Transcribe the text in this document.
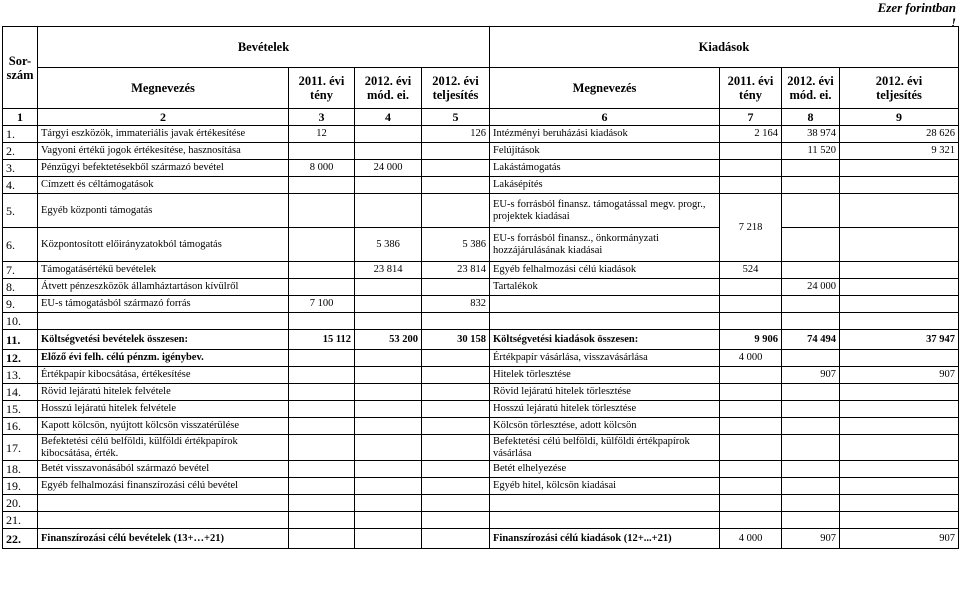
Ezer forintban
!
Sor-
szám	Bevételek				Kiadások			
	Megnevezés	2011. évi
tény	2012. évi
mód. ei.	2012. évi
teljesítés	Megnevezés	2011. évi
tény	2012. évi
mód. ei.	2012. évi
teljesítés
1	2	3	4	5	6	7	8	9
1.	Tárgyi eszközök, immateriális javak értékesítése	12		126	Intézményi beruházási kiadások	2 164	38 974	28 626
2.	Vagyoni értékű jogok értékesítése, hasznosítása				Felújítások		11 520	9 321
3.	Pénzügyi befektetésekből származó bevétel	8 000	24 000		Lakástámogatás			
4.	Címzett és céltámogatások				Lakásépítés			
5.	Egyéb központi támogatás				EU-s forrásból finansz. támogatással megv. progr., projektek kiadásai	7 218		
6.	Központosított előirányzatokból támogatás		5 386	5 386	EU-s forrásból finansz., önkormányzati hozzájárulásának kiadásai			
7.	Támogatásértékű bevételek		23 814	23 814	Egyéb felhalmozási célú kiadások	524		
8.	Átvett pénzeszközök államháztartáson kívülről				Tartalékok		24 000	
9.	EU-s támogatásból származó forrás	7 100		832				
10.								
11.	Költségvetési bevételek összesen:	15 112	53 200	30 158	Költségvetési kiadások összesen:	9 906	74 494	37 947
12.	Előző évi felh. célú pénzm. igénybev.				Értékpapír vásárlása, visszavásárlása	4 000		
13.	Értékpapír kibocsátása, értékesítése				Hitelek törlesztése		907	907
14.	Rövid lejáratú hitelek felvétele				Rövid lejáratú hitelek törlesztése			
15.	Hosszú lejáratú hitelek felvétele				Hosszú lejáratú hitelek törlesztése			
16.	Kapott kölcsön, nyújtott kölcsön visszatérülése				Kölcsön törlesztése, adott kölcsön			
17.	Befektetési célú belföldi, külföldi értékpapírok kibocsátása, érték.				Befektetési célú belföldi, külföldi értékpapírok vásárlása			
18.	Betét visszavonásából származó bevétel				Betét elhelyezése			
19.	Egyéb felhalmozási finanszírozási célú bevétel				Egyéb hitel, kölcsön kiadásai			
20.								
21.								
22.	Finanszírozási célú bevételek (13+…+21)				Finanszírozási célú kiadások (12+...+21)	4 000	907	907
